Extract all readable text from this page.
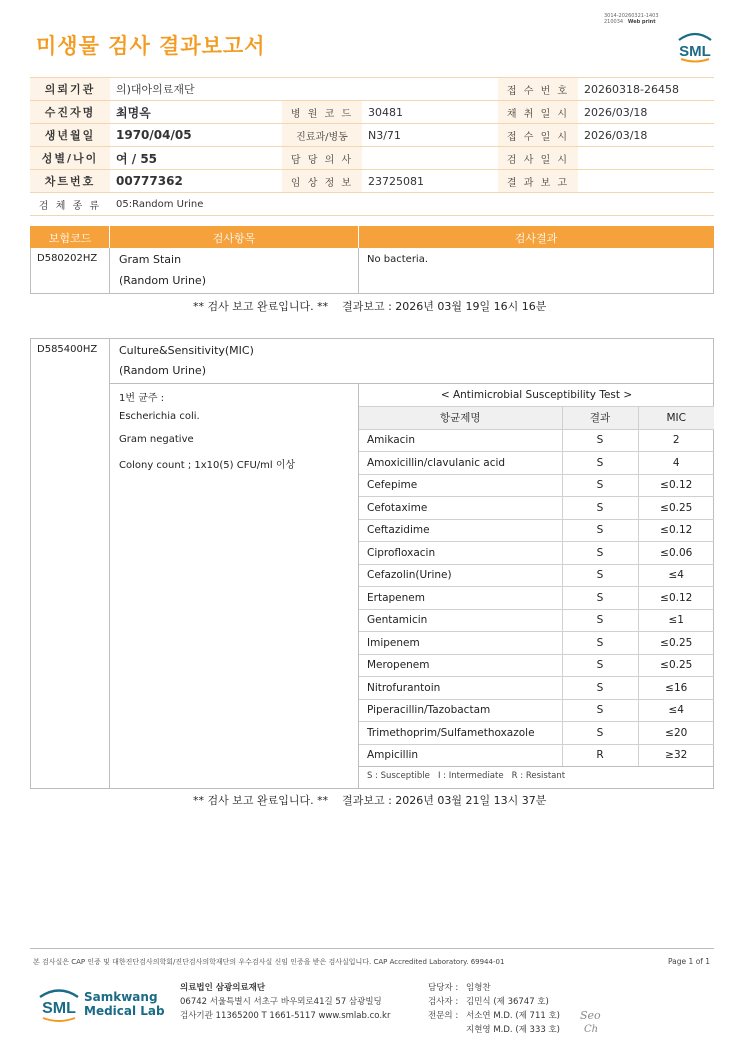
3014-20260321-1403
210034 Web print
미생물 검사 결과보고서	SML
의뢰기관	의)대아의료재단			접 수 번 호	20260318-26458
수진자명	최명옥	병 원 코 드	30481	채 취 일 시	2026/03/18
생년월일	1970/04/05	진료과/병동	N3/71	접 수 일 시	2026/03/18
성별/나이	여 / 55	담 당 의 사		검 사 일 시	
차트번호	00777362	임 상 정 보	23725081	결 과 보 고	
검 체 종 류	05:Random Urine				
보험코드	검사항목	검사결과
D580202HZ Gram Stain
(Random Urine)
No bacteria.
** 검사 보고 완료입니다. **    결과보고 : 2026년 03월 19일 16시 16분
D585400HZ Culture&Sensitivity(MIC)
(Random Urine)
1번 균주 :
Escherichia coli.
Gram negative
Colony count ; 1x10(5) CFU/ml 이상
< Antimicrobial Susceptibility Test >		
항균제명	결과	MIC
Amikacin	S	2
Amoxicillin/clavulanic acid	S	4
Cefepime	S	≤0.12
Cefotaxime	S	≤0.25
Ceftazidime	S	≤0.12
Ciprofloxacin	S	≤0.06
Cefazolin(Urine)	S	≤4
Ertapenem	S	≤0.12
Gentamicin	S	≤1
Imipenem	S	≤0.25
Meropenem	S	≤0.25
Nitrofurantoin	S	≤16
Piperacillin/Tazobactam	S	≤4
Trimethoprim/Sulfamethoxazole	S	≤20
Ampicillin	R	≥32
S : Susceptible   I : Intermediate   R : Resistant
** 검사 보고 완료입니다. **    결과보고 : 2026년 03월 21일 13시 37분
본 검사실은 CAP 인증 및 대한진단검사의학회/진단검사의학재단의 우수검사실 신임 인증을 받은 검사실입니다. CAP Accredited Laboratory. 69944-01	Page 1 of 1
SML
Samkwang
Medical Lab
의료법인 삼광의료재단
06742 서울특별시 서초구 바우뫼로41길 57 삼광빌딩
검사기관 11365200 T 1661-5117 www.smlab.co.kr
담당자 : 임형찬
검사자 : 김민식 (제 36747 호)
전문의 : 서소연 M.D. (제 711 호)
지현영 M.D. (제 333 호)
Seo
Ch
